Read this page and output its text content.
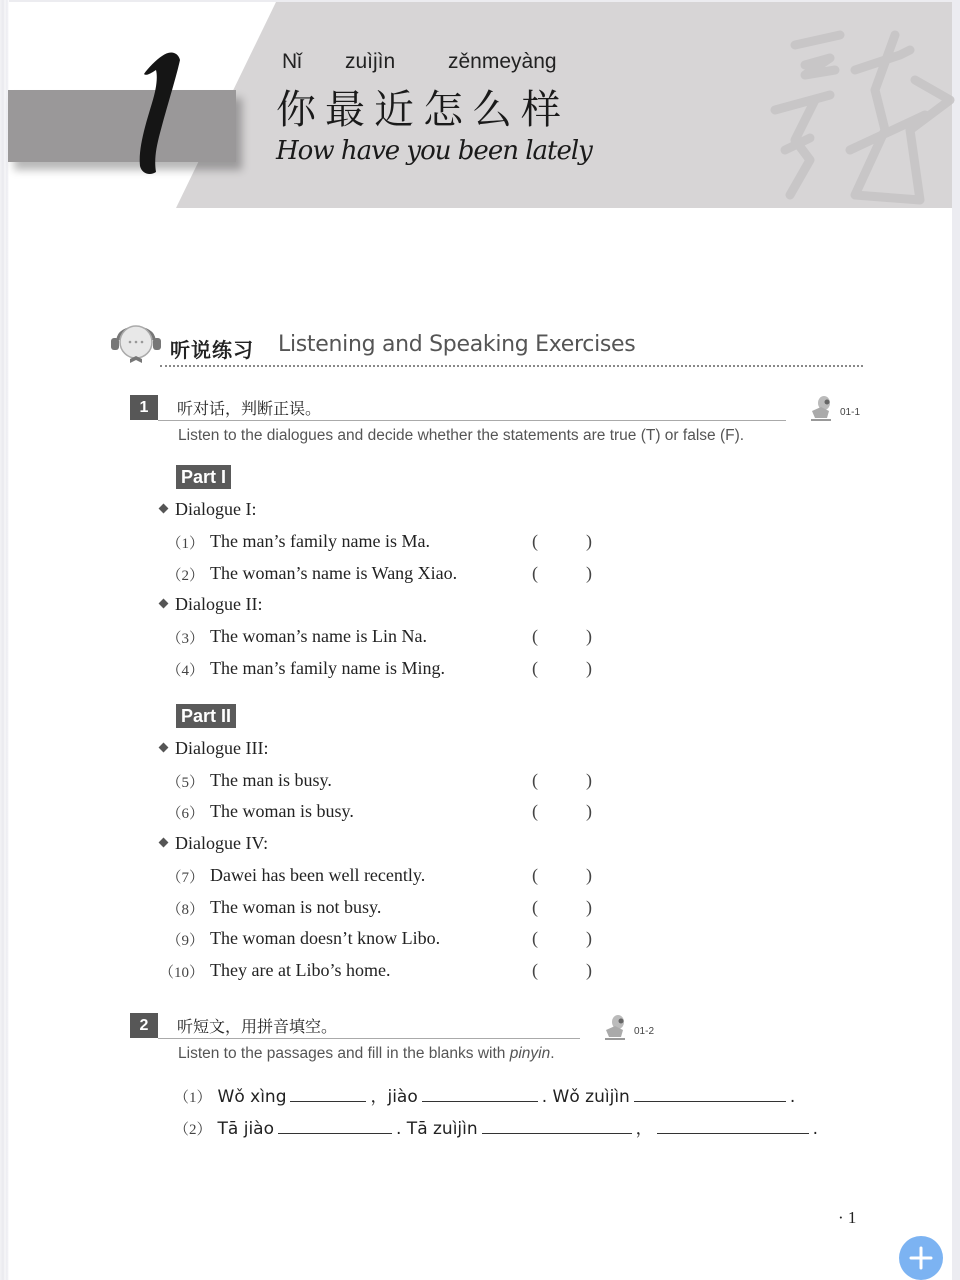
Nǐ zuìjìn	zěnmeyàng
你最近怎么样
How have you been lately
听说练习 Listening and Speaking Exercises
1	听对话，判断正误。
Listen to the dialogues and decide whether the statements are true (T) or false (F).
01-1
Part I
Dialogue I:
（1） The man’s family name is Ma.	(	)
（2） The woman’s name is Wang Xiao.	(	)
Dialogue II:
（3） The woman’s name is Lin Na.	(	)
（4） The man’s family name is Ming.	(	)
Part II
Dialogue III:
（5） The man is busy.	(	)
（6） The woman is busy.	(	)
Dialogue IV:
（7） Dawei has been well recently.	(	)
（8） The woman is not busy.	(	)
（9） The woman doesn’t know Libo.	(	)
（10） They are at Libo’s home.	(	)
2	听短文，用拼音填空。
Listen to the passages and fill in the blanks with pinyin.
01-2
（1） Wǒ xìng	，jiào	. Wǒ zuìjìn	.
（2） Tā jiào	. Tā zuìjìn	，	.
· 1
